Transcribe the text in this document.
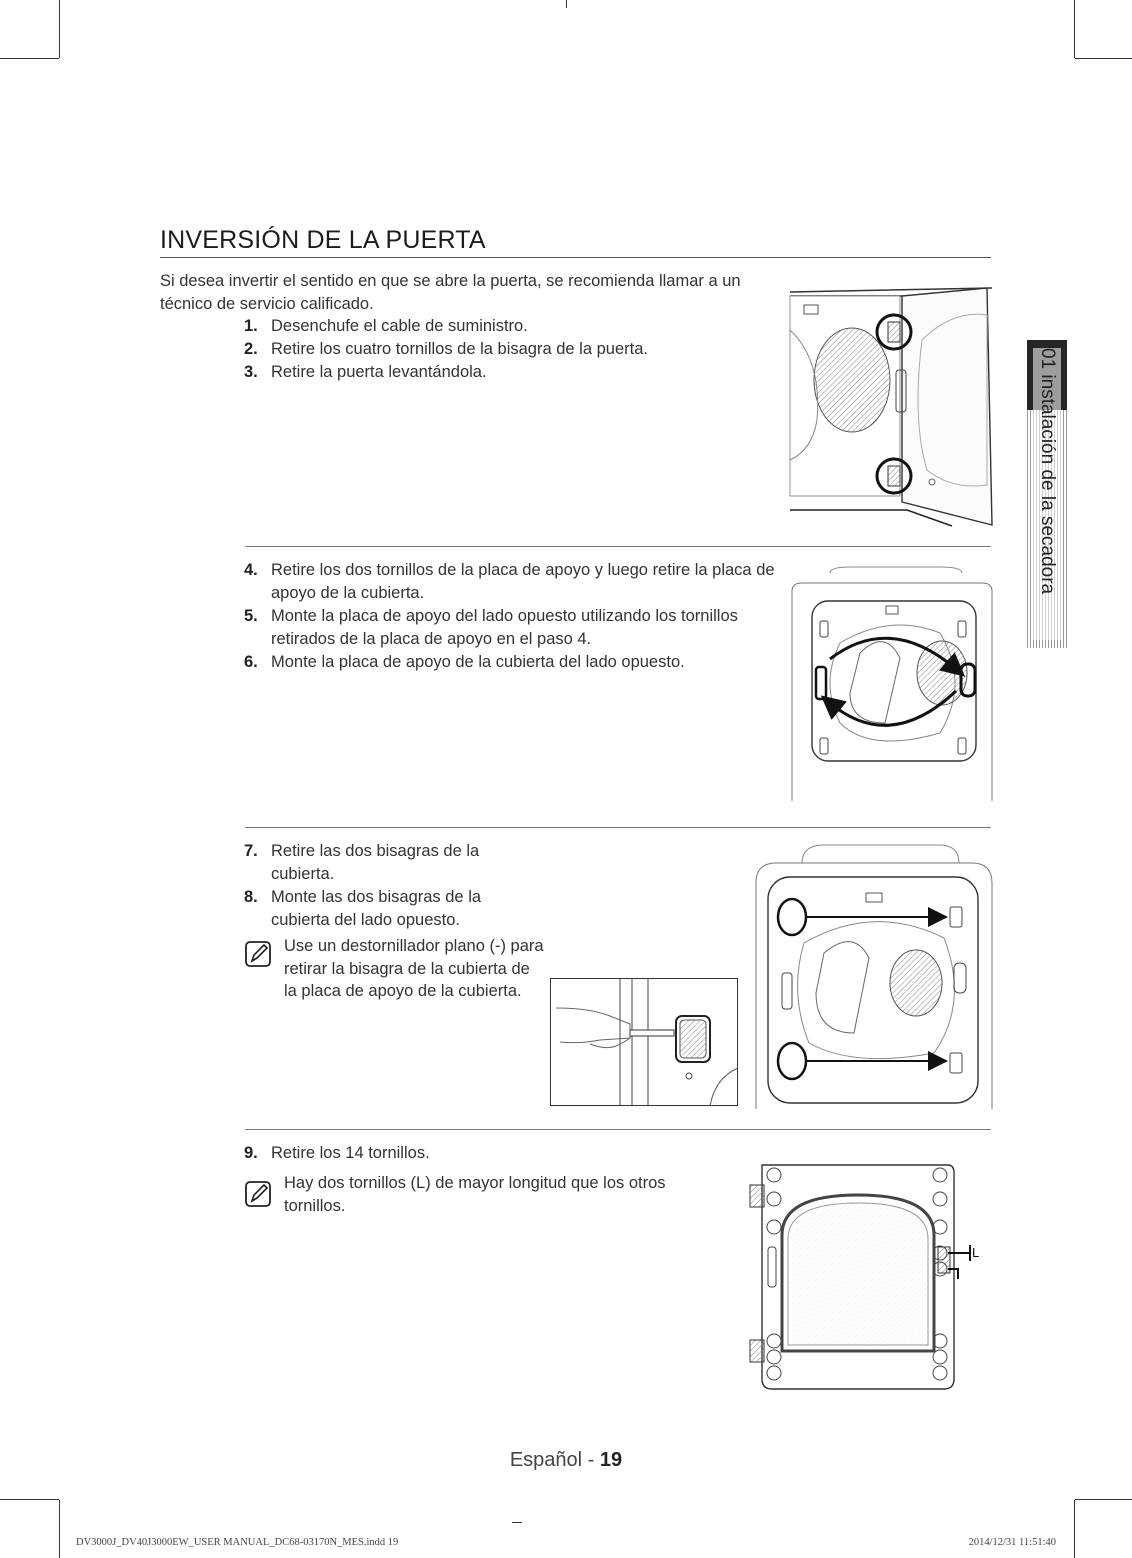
INVERSIÓN DE LA PUERTA
Si desea invertir el sentido en que se abre la puerta, se recomienda llamar a un técnico de servicio calificado.
1. Desenchufe el cable de suministro.
2. Retire los cuatro tornillos de la bisagra de la puerta.
3. Retire la puerta levantándola.
4. Retire los dos tornillos de la placa de apoyo y luego retire la placa de apoyo de la cubierta.
5. Monte la placa de apoyo del lado opuesto utilizando los tornillos retirados de la placa de apoyo en el paso 4.
6. Monte la placa de apoyo de la cubierta del lado opuesto.
7. Retire las dos bisagras de la cubierta.
8. Monte las dos bisagras de la cubierta del lado opuesto.
Use un destornillador plano (-) para retirar la bisagra de la cubierta de la placa de apoyo de la cubierta.
9. Retire los 14 tornillos.
Hay dos tornillos (L) de mayor longitud que los otros tornillos.
L
01 instalación de la secadora
Español - 19
DV3000J_DV40J3000EW_USER MANUAL_DC68-03170N_MES.indd 19	2014/12/31 11:51:40
